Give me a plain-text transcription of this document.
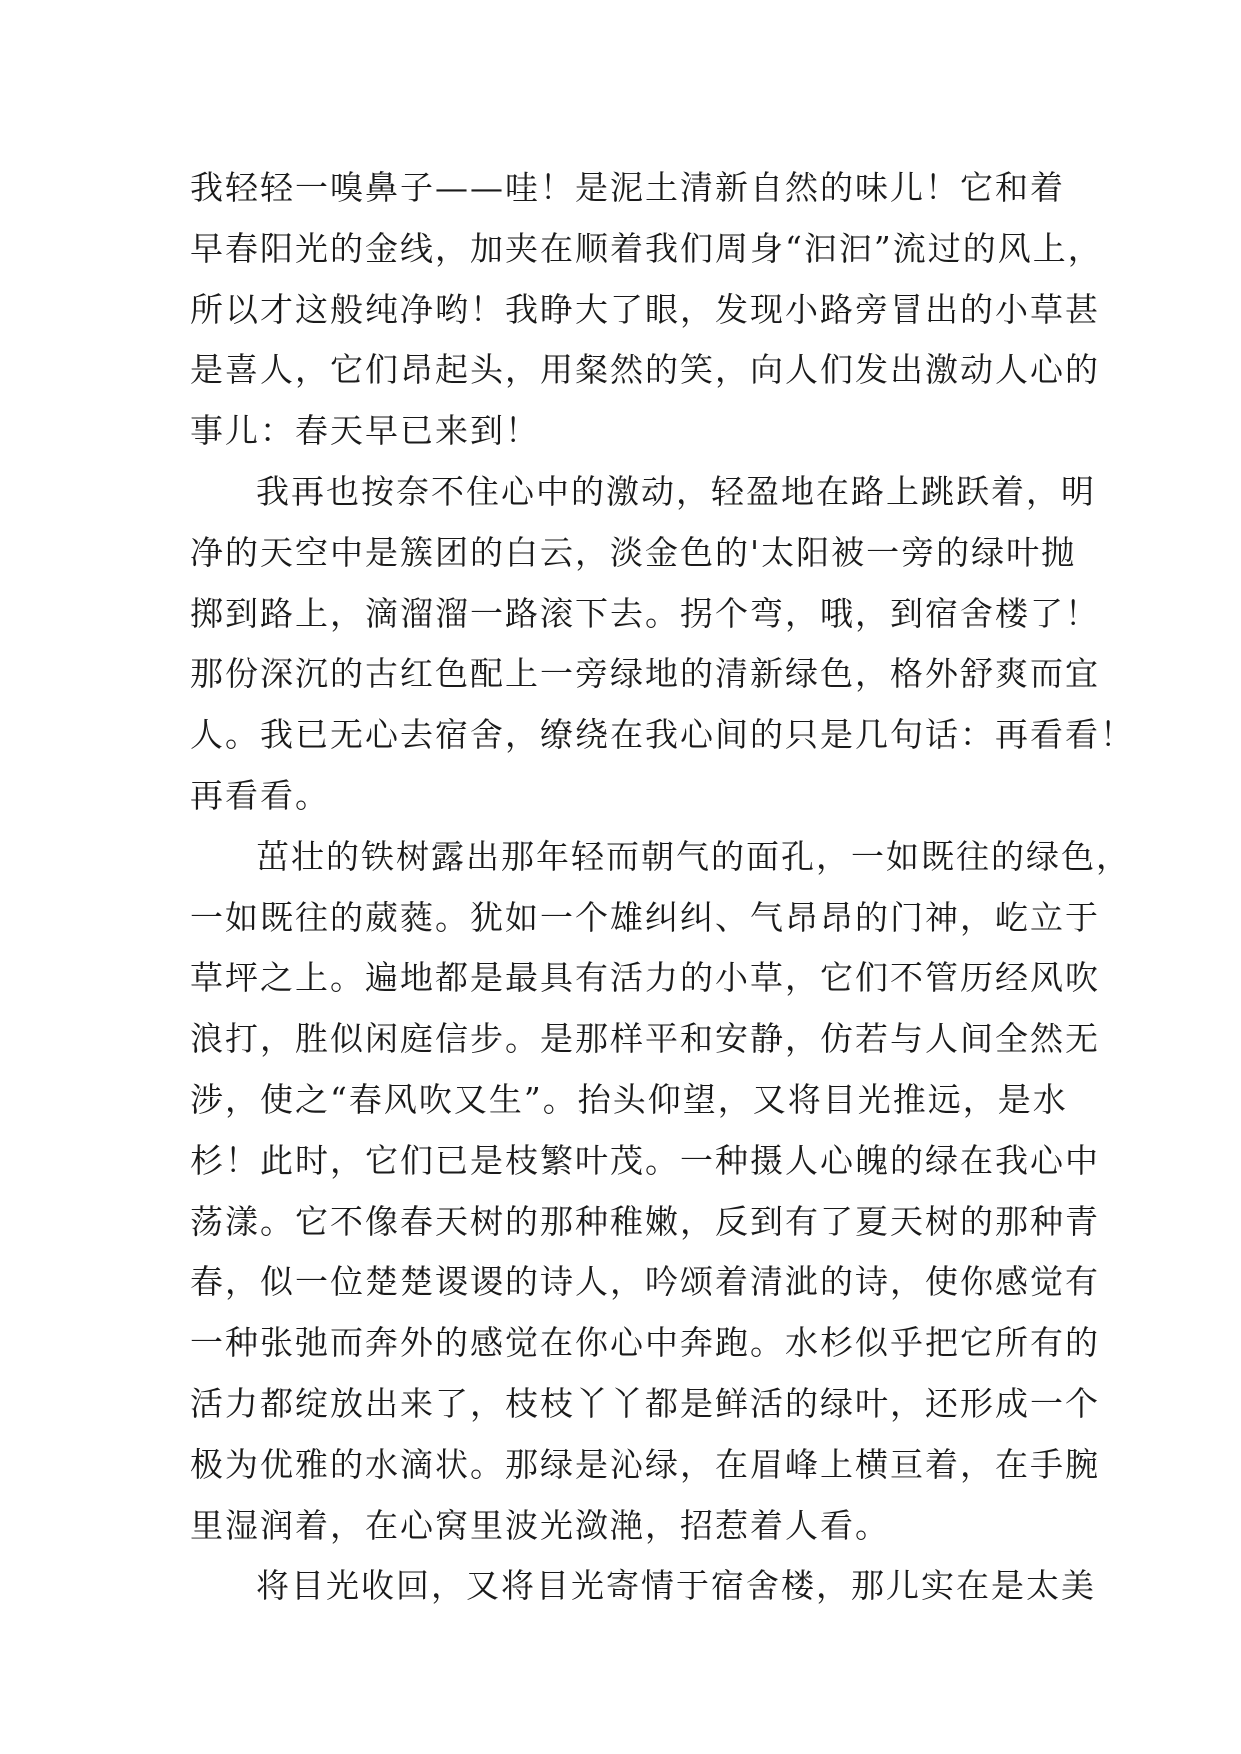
我轻轻一嗅鼻子——哇！是泥土清新自然的味儿！它和着
早春阳光的金线，加夹在顺着我们周身“汩汩”流过的风上，
所以才这般纯净哟！我睁大了眼，发现小路旁冒出的小草甚
是喜人，它们昂起头，用粲然的笑，向人们发出激动人心的
事儿：春天早已来到！
我再也按奈不住心中的激动，轻盈地在路上跳跃着，明
净的天空中是簇团的白云，淡金色的'太阳被一旁的绿叶抛
掷到路上，滴溜溜一路滚下去。拐个弯，哦，到宿舍楼了！
那份深沉的古红色配上一旁绿地的清新绿色，格外舒爽而宜
人。我已无心去宿舍，缭绕在我心间的只是几句话：再看看！
再看看。
茁壮的铁树露出那年轻而朝气的面孔，一如既往的绿色，
一如既往的葳蕤。犹如一个雄纠纠、气昂昂的门神，屹立于
草坪之上。遍地都是最具有活力的小草，它们不管历经风吹
浪打，胜似闲庭信步。是那样平和安静，仿若与人间全然无
涉，使之“春风吹又生”。抬头仰望，又将目光推远，是水
杉！此时，它们已是枝繁叶茂。一种摄人心魄的绿在我心中
荡漾。它不像春天树的那种稚嫩，反到有了夏天树的那种青
春，似一位楚楚谡谡的诗人，吟颂着清泚的诗，使你感觉有
一种张弛而奔外的感觉在你心中奔跑。水杉似乎把它所有的
活力都绽放出来了，枝枝丫丫都是鲜活的绿叶，还形成一个
极为优雅的水滴状。那绿是沁绿，在眉峰上横亘着，在手腕
里湿润着，在心窝里波光潋滟，招惹着人看。
将目光收回，又将目光寄情于宿舍楼，那儿实在是太美
